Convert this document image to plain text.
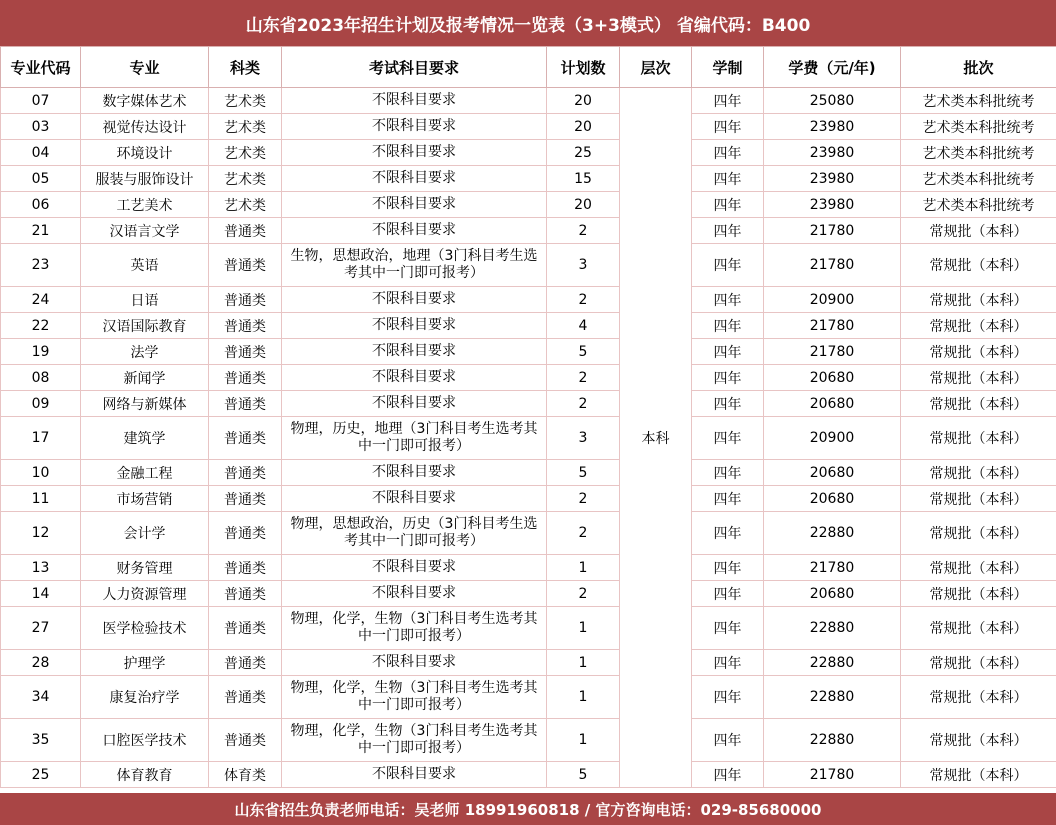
山东省2023年招生计划及报考情况一览表（3+3模式） 省编代码：B400
专业代码	专业	科类	考试科目要求	计划数	层次	学制	学费（元/年)	批次
07	数字媒体艺术	艺术类	不限科目要求	20	本科	四年	25080	艺术类本科批统考
03	视觉传达设计	艺术类	不限科目要求	20		四年	23980	艺术类本科批统考
04	环境设计	艺术类	不限科目要求	25		四年	23980	艺术类本科批统考
05	服装与服饰设计	艺术类	不限科目要求	15		四年	23980	艺术类本科批统考
06	工艺美术	艺术类	不限科目要求	20		四年	23980	艺术类本科批统考
21	汉语言文学	普通类	不限科目要求	2		四年	21780	常规批（本科）
23	英语	普通类	生物，思想政治，地理（3门科目考生选考其中一门即可报考）	3		四年	21780	常规批（本科）
24	日语	普通类	不限科目要求	2		四年	20900	常规批（本科）
22	汉语国际教育	普通类	不限科目要求	4		四年	21780	常规批（本科）
19	法学	普通类	不限科目要求	5		四年	21780	常规批（本科）
08	新闻学	普通类	不限科目要求	2		四年	20680	常规批（本科）
09	网络与新媒体	普通类	不限科目要求	2		四年	20680	常规批（本科）
17	建筑学	普通类	物理，历史，地理（3门科目考生选考其中一门即可报考）	3		四年	20900	常规批（本科）
10	金融工程	普通类	不限科目要求	5		四年	20680	常规批（本科）
11	市场营销	普通类	不限科目要求	2		四年	20680	常规批（本科）
12	会计学	普通类	物理，思想政治，历史（3门科目考生选考其中一门即可报考）	2		四年	22880	常规批（本科）
13	财务管理	普通类	不限科目要求	1		四年	21780	常规批（本科）
14	人力资源管理	普通类	不限科目要求	2		四年	20680	常规批（本科）
27	医学检验技术	普通类	物理，化学，生物（3门科目考生选考其中一门即可报考）	1		四年	22880	常规批（本科）
28	护理学	普通类	不限科目要求	1		四年	22880	常规批（本科）
34	康复治疗学	普通类	物理，化学，生物（3门科目考生选考其中一门即可报考）	1		四年	22880	常规批（本科）
35	口腔医学技术	普通类	物理，化学，生物（3门科目考生选考其中一门即可报考）	1		四年	22880	常规批（本科）
25	体育教育	体育类	不限科目要求	5		四年	21780	常规批（本科）

山东省招生负责老师电话：吴老师 18991960818 / 官方咨询电话：029-85680000
